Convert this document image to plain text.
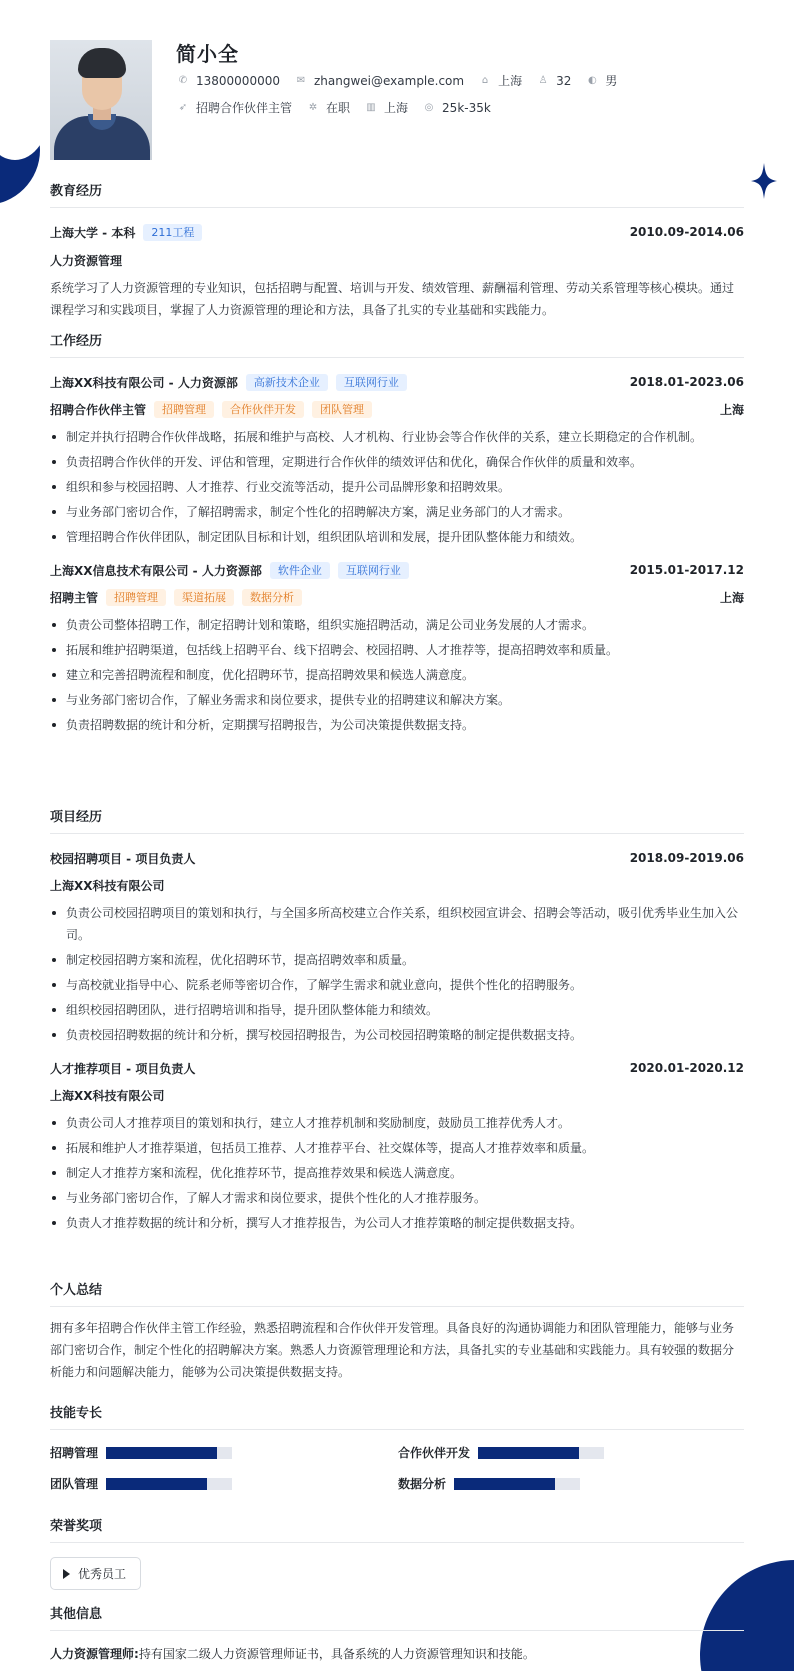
简小全
✆ 13800000000 ✉ zhangwei@example.com	⌂ 上海 ♙ 32 ◐ 男
➶ 招聘合作伙伴主管 ✲ 在职 ▥ 上海 ◎ 25k-35k
教育经历
上海大学 - 本科	211工程	2010.09-2014.06
人力资源管理
系统学习了人力资源管理的专业知识，包括招聘与配置、培训与开发、绩效管理、薪酬福利管理、劳动关系管理等核心模块。通过课程学习和实践项目，掌握了人力资源管理的理论和方法，具备了扎实的专业基础和实践能力。
工作经历
上海XX科技有限公司 - 人力资源部	高新技术企业	互联网行业	2018.01-2023.06
招聘合作伙伴主管	招聘管理	合作伙伴开发	团队管理	上海
制定并执行招聘合作伙伴战略，拓展和维护与高校、人才机构、行业协会等合作伙伴的关系，建立长期稳定的合作机制。
负责招聘合作伙伴的开发、评估和管理，定期进行合作伙伴的绩效评估和优化，确保合作伙伴的质量和效率。
组织和参与校园招聘、人才推荐、行业交流等活动，提升公司品牌形象和招聘效果。
与业务部门密切合作，了解招聘需求，制定个性化的招聘解决方案，满足业务部门的人才需求。
管理招聘合作伙伴团队，制定团队目标和计划，组织团队培训和发展，提升团队整体能力和绩效。
上海XX信息技术有限公司 - 人力资源部	软件企业	互联网行业	2015.01-2017.12
招聘主管	招聘管理	渠道拓展	数据分析	上海
负责公司整体招聘工作，制定招聘计划和策略，组织实施招聘活动，满足公司业务发展的人才需求。
拓展和维护招聘渠道，包括线上招聘平台、线下招聘会、校园招聘、人才推荐等，提高招聘效率和质量。
建立和完善招聘流程和制度，优化招聘环节，提高招聘效果和候选人满意度。
与业务部门密切合作，了解业务需求和岗位要求，提供专业的招聘建议和解决方案。
负责招聘数据的统计和分析，定期撰写招聘报告，为公司决策提供数据支持。
项目经历
校园招聘项目 - 项目负责人	2018.09-2019.06
上海XX科技有限公司
负责公司校园招聘项目的策划和执行，与全国多所高校建立合作关系，组织校园宣讲会、招聘会等活动，吸引优秀毕业生加入公司。
制定校园招聘方案和流程，优化招聘环节，提高招聘效率和质量。
与高校就业指导中心、院系老师等密切合作，了解学生需求和就业意向，提供个性化的招聘服务。
组织校园招聘团队，进行招聘培训和指导，提升团队整体能力和绩效。
负责校园招聘数据的统计和分析，撰写校园招聘报告，为公司校园招聘策略的制定提供数据支持。
人才推荐项目 - 项目负责人	2020.01-2020.12
上海XX科技有限公司
负责公司人才推荐项目的策划和执行，建立人才推荐机制和奖励制度，鼓励员工推荐优秀人才。
拓展和维护人才推荐渠道，包括员工推荐、人才推荐平台、社交媒体等，提高人才推荐效率和质量。
制定人才推荐方案和流程，优化推荐环节，提高推荐效果和候选人满意度。
与业务部门密切合作，了解人才需求和岗位要求，提供个性化的人才推荐服务。
负责人才推荐数据的统计和分析，撰写人才推荐报告，为公司人才推荐策略的制定提供数据支持。
个人总结
拥有多年招聘合作伙伴主管工作经验，熟悉招聘流程和合作伙伴开发管理。具备良好的沟通协调能力和团队管理能力，能够与业务部门密切合作，制定个性化的招聘解决方案。熟悉人力资源管理理论和方法，具备扎实的专业基础和实践能力。具有较强的数据分析能力和问题解决能力，能够为公司决策提供数据支持。
技能专长
招聘管理	合作伙伴开发
团队管理	数据分析
荣誉奖项
优秀员工
其他信息
人力资源管理师:持有国家二级人力资源管理师证书，具备系统的人力资源管理知识和技能。
